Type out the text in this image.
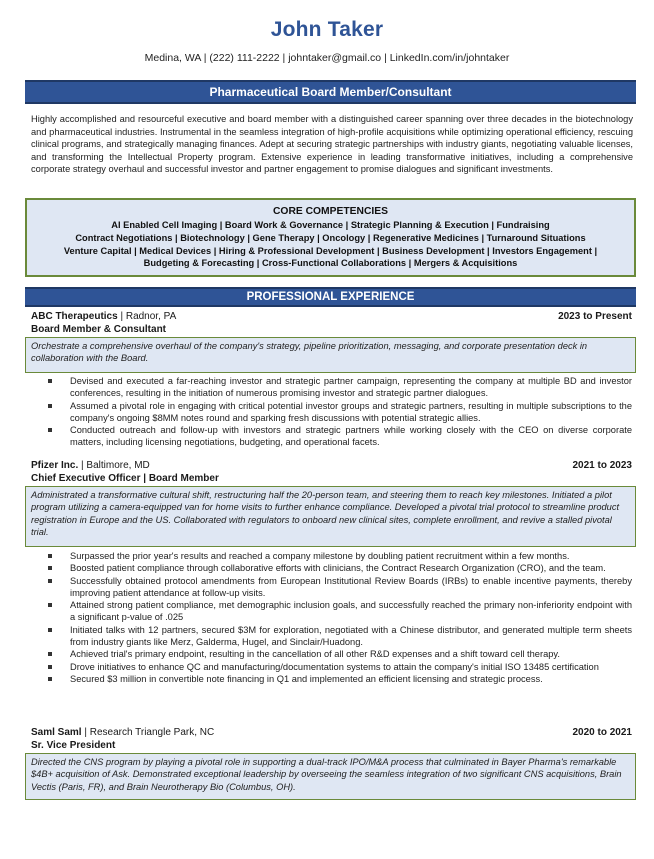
John Taker
Medina, WA | (222) 111-2222 | johntaker@gmail.co | LinkedIn.com/in/johntaker
Pharmaceutical Board Member/Consultant
Highly accomplished and resourceful executive and board member with a distinguished career spanning over three decades in the biotechnology and pharmaceutical industries. Instrumental in the seamless integration of high-profile acquisitions while optimizing operational efficiency, rescuing clinical programs, and strategically managing finances. Adept at securing strategic partnerships with industry giants, negotiating valuable licenses, and transforming the Intellectual Property program. Extensive experience in leading transformative initiatives, including a comprehensive corporate strategy overhaul and successful investor and partner engagement to promise dialogues and significant investments.
CORE COMPETENCIES
AI Enabled Cell Imaging | Board Work & Governance | Strategic Planning & Execution | Fundraising
Contract Negotiations | Biotechnology | Gene Therapy | Oncology | Regenerative Medicines | Turnaround Situations
Venture Capital | Medical Devices | Hiring & Professional Development | Business Development | Investors Engagement |
Budgeting & Forecasting | Cross-Functional Collaborations | Mergers & Acquisitions
PROFESSIONAL EXPERIENCE
ABC Therapeutics | Radnor, PA	2023 to Present
Board Member & Consultant
Orchestrate a comprehensive overhaul of the company's strategy, pipeline prioritization, messaging, and corporate presentation deck in collaboration with the Board.
Devised and executed a far-reaching investor and strategic partner campaign, representing the company at multiple BD and investor conferences, resulting in the initiation of numerous promising investor and strategic partner dialogues.
Assumed a pivotal role in engaging with critical potential investor groups and strategic partners, resulting in multiple subscriptions to the company's ongoing $8MM notes round and sparking fresh discussions with potential strategic allies.
Conducted outreach and follow-up with investors and strategic partners while working closely with the CEO on diverse corporate matters, including licensing negotiations, budgeting, and operational facets.
Pfizer Inc. | Baltimore, MD	2021 to 2023
Chief Executive Officer | Board Member
Administrated a transformative cultural shift, restructuring half the 20-person team, and steering them to reach key milestones. Initiated a pilot program utilizing a camera-equipped van for home visits to further enhance compliance. Developed a pivotal trial protocol to streamline product registration in Europe and the US. Collaborated with regulators to onboard new clinical sites, complete enrollment, and revive a stalled pivotal trial.
Surpassed the prior year's results and reached a company milestone by doubling patient recruitment within a few months.
Boosted patient compliance through collaborative efforts with clinicians, the Contract Research Organization (CRO), and the team.
Successfully obtained protocol amendments from European Institutional Review Boards (IRBs) to enable incentive payments, thereby improving patient attendance at follow-up visits.
Attained strong patient compliance, met demographic inclusion goals, and successfully reached the primary non-inferiority endpoint with a significant p-value of .025
Initiated talks with 12 partners, secured $3M for exploration, negotiated with a Chinese distributor, and generated multiple term sheets from industry giants like Merz, Galderma, Hugel, and Sinclair/Huadong.
Achieved trial's primary endpoint, resulting in the cancellation of all other R&D expenses and a shift toward cell therapy.
Drove initiatives to enhance QC and manufacturing/documentation systems to attain the company's initial ISO 13485 certification
Secured $3 million in convertible note financing in Q1 and implemented an efficient licensing and strategic process.
Saml Saml | Research Triangle Park, NC	2020 to 2021
Sr. Vice President
Directed the CNS program by playing a pivotal role in supporting a dual-track IPO/M&A process that culminated in Bayer Pharma's remarkable $4B+ acquisition of Ask. Demonstrated exceptional leadership by overseeing the seamless integration of two significant CNS acquisitions, Brain Vectis (Paris, FR), and Brain Neurotherapy Bio (Columbus, OH).
